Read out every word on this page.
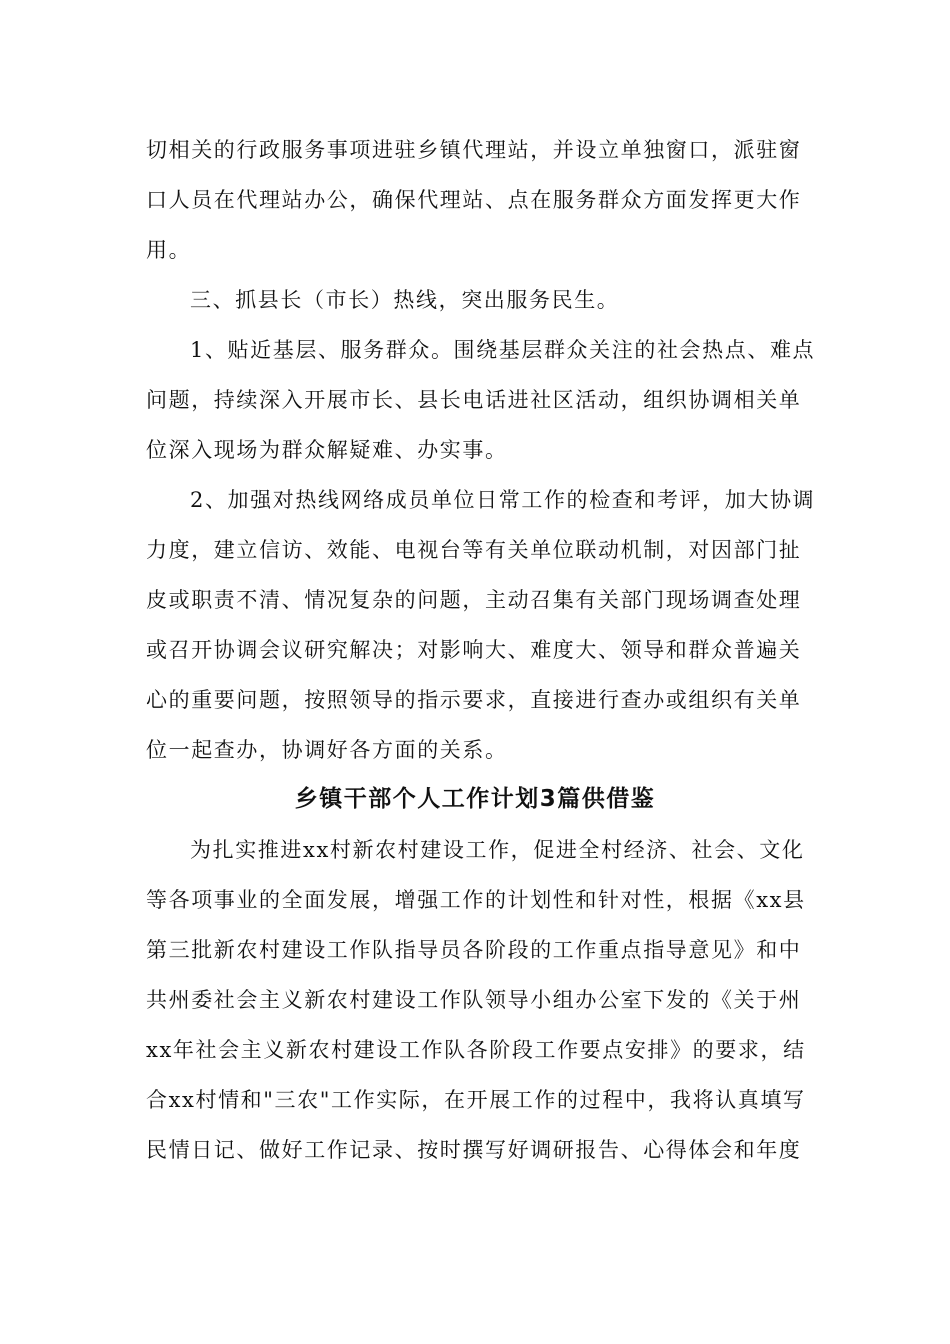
切相关的行政服务事项进驻乡镇代理站，并设立单独窗口，派驻窗
口人员在代理站办公，确保代理站、点在服务群众方面发挥更大作
用。
三、抓县长（市长）热线，突出服务民生。
1、贴近基层、服务群众。围绕基层群众关注的社会热点、难点
问题，持续深入开展市长、县长电话进社区活动，组织协调相关单
位深入现场为群众解疑难、办实事。
2、加强对热线网络成员单位日常工作的检查和考评，加大协调
力度，建立信访、效能、电视台等有关单位联动机制，对因部门扯
皮或职责不清、情况复杂的问题，主动召集有关部门现场调查处理
或召开协调会议研究解决；对影响大、难度大、领导和群众普遍关
心的重要问题，按照领导的指示要求，直接进行查办或组织有关单
位一起查办，协调好各方面的关系。
乡镇干部个人工作计划3篇供借鉴
为扎实推进xx村新农村建设工作，促进全村经济、社会、文化
等各项事业的全面发展，增强工作的计划性和针对性，根据《xx县
第三批新农村建设工作队指导员各阶段的工作重点指导意见》和中
共州委社会主义新农村建设工作队领导小组办公室下发的《关于州
xx年社会主义新农村建设工作队各阶段工作要点安排》的要求，结
合xx村情和"三农"工作实际，在开展工作的过程中，我将认真填写
民情日记、做好工作记录、按时撰写好调研报告、心得体会和年度
